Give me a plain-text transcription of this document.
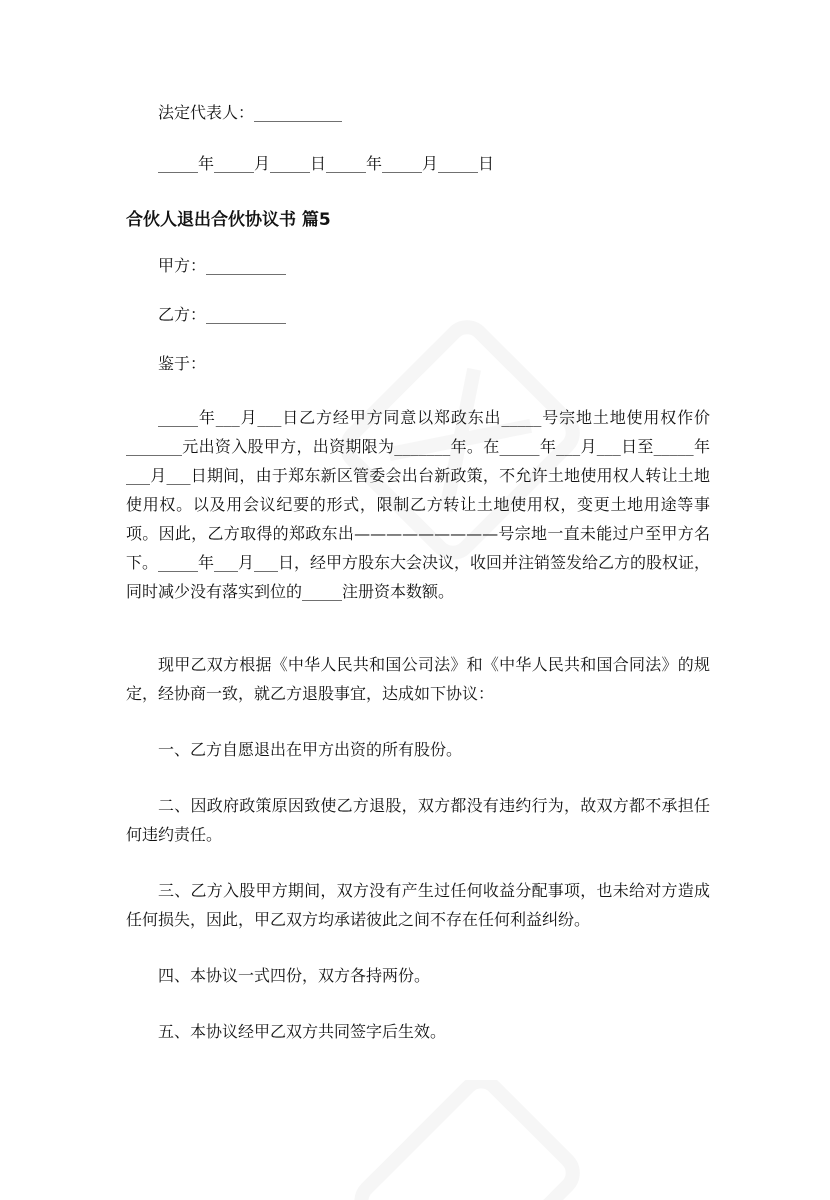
法定代表人：___________
_____年_____月_____日_____年_____月_____日
合伙人退出合伙协议书 篇5
甲方：__________
乙方：__________
鉴于：
_____年___月___日乙方经甲方同意以郑政东出_____号宗地土地使用权作价_______元出资入股甲方，出资期限为_______年。在_____年___月___日至_____年___月___日期间，由于郑东新区管委会出台新政策，不允许土地使用权人转让土地使用权。以及用会议纪要的形式，限制乙方转让土地使用权，变更土地用途等事项。因此，乙方取得的郑政东出—————————号宗地一直未能过户至甲方名下。_____年___月___日，经甲方股东大会决议，收回并注销签发给乙方的股权证，同时减少没有落实到位的_____注册资本数额。
现甲乙双方根据《中华人民共和国公司法》和《中华人民共和国合同法》的规定，经协商一致，就乙方退股事宜，达成如下协议：
一、乙方自愿退出在甲方出资的所有股份。
二、因政府政策原因致使乙方退股，双方都没有违约行为，故双方都不承担任何违约责任。
三、乙方入股甲方期间，双方没有产生过任何收益分配事项，也未给对方造成任何损失，因此，甲乙双方均承诺彼此之间不存在任何利益纠纷。
四、本协议一式四份，双方各持两份。
五、本协议经甲乙双方共同签字后生效。
